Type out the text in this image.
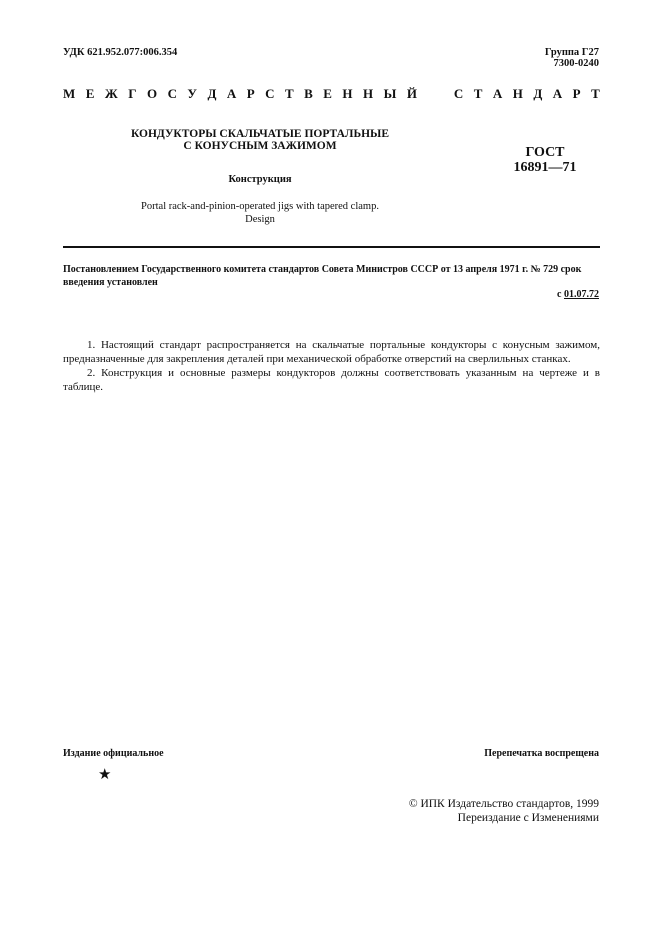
УДК 621.952.077:006.354	Группа Г27
7300-0240
М Е Ж Г О С У Д А Р С Т В Е Н Н Ы Й	С Т А Н Д А Р Т
КОНДУКТОРЫ СКАЛЬЧАТЫЕ ПОРТАЛЬНЫЕ
С КОНУСНЫМ ЗАЖИМОМ
Конструкция
Portal rack-and-pinion-operated jigs with tapered clamp.
Design
ГОСТ
16891—71
Постановлением Государственного комитета стандартов Совета Министров СССР от 13 апреля 1971 г. № 729 срок введения установлен
с 01.07.72

1. Настоящий стандарт распространяется на скальчатые портальные кондукторы с конусным зажимом, предназначенные для закрепления деталей при механической обработке отверстий на сверлильных станках.

2. Конструкция и основные размеры кондукторов должны соответствовать указанным на чертеже и в таблице.

Издание официальное	Перепечатка воспрещена
★
© ИПК Издательство стандартов, 1999
Переиздание с Изменениями
